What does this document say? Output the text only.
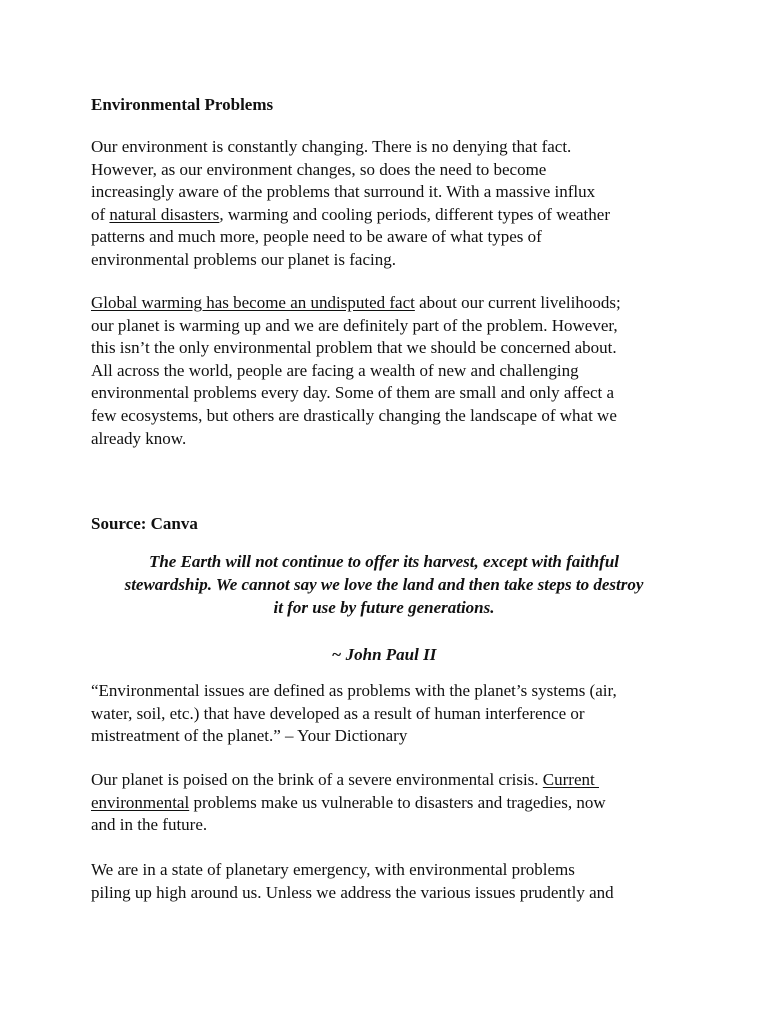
Environmental Problems
Our environment is constantly changing. There is no denying that fact.
However, as our environment changes, so does the need to become
increasingly aware of the problems that surround it. With a massive influx
of natural disasters, warming and cooling periods, different types of weather
patterns and much more, people need to be aware of what types of
environmental problems our planet is facing.
Global warming has become an undisputed fact about our current livelihoods;
our planet is warming up and we are definitely part of the problem. However,
this isn’t the only environmental problem that we should be concerned about.
All across the world, people are facing a wealth of new and challenging
environmental problems every day. Some of them are small and only affect a
few ecosystems, but others are drastically changing the landscape of what we
already know.
Source: Canva
The Earth will not continue to offer its harvest, except with faithful
stewardship. We cannot say we love the land and then take steps to destroy
it for use by future generations.
~ John Paul II
“Environmental issues are defined as problems with the planet’s systems (air,
water, soil, etc.) that have developed as a result of human interference or
mistreatment of the planet.” – Your Dictionary
Our planet is poised on the brink of a severe environmental crisis. Current
environmental problems make us vulnerable to disasters and tragedies, now
and in the future.
We are in a state of planetary emergency, with environmental problems
piling up high around us. Unless we address the various issues prudently and
